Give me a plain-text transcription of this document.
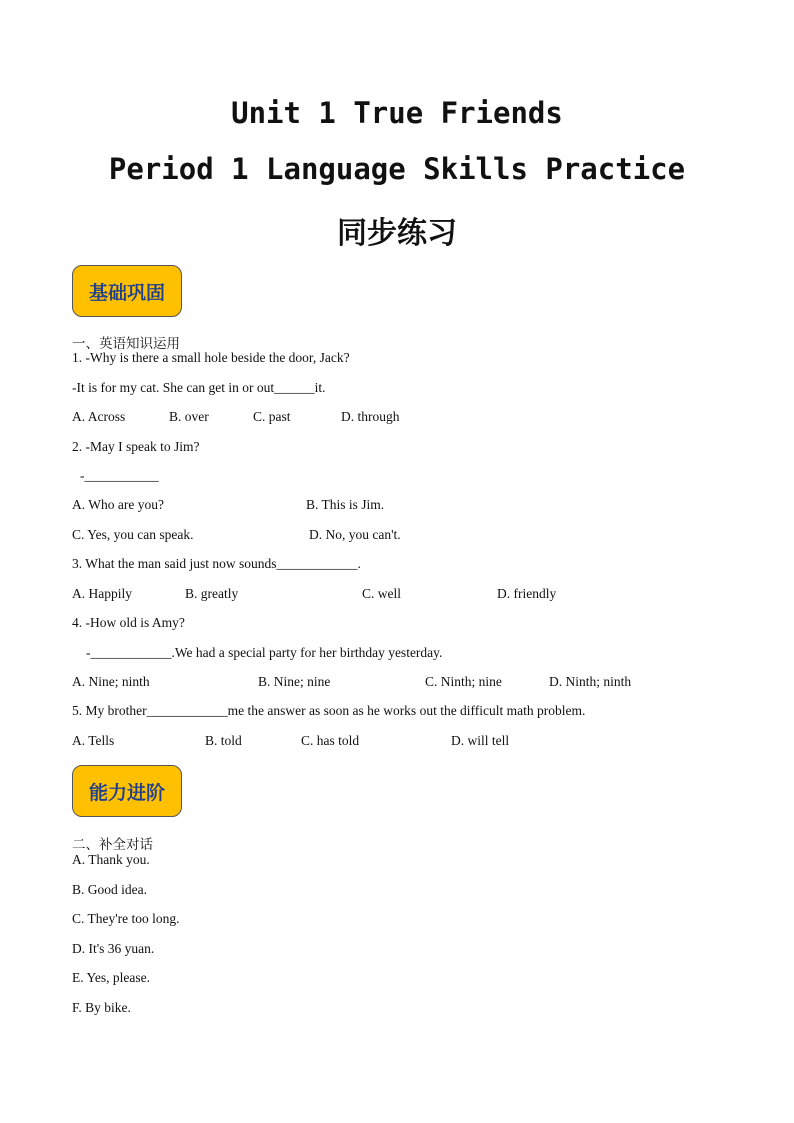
Unit 1 True Friends
Period 1 Language Skills Practice
同步练习
基础巩固
一、英语知识运用
1. -Why is there a small hole beside the door, Jack?
-It is for my cat. She can get in or out______it.
A. Across	B. over	C. past	D. through
2. -May I speak to Jim?
-___________
A. Who are you?	B. This is Jim.
C. Yes, you can speak.	D. No, you can't.
3. What the man said just now sounds____________.
A. Happily	B. greatly	C. well	D. friendly
4. -How old is Amy?
-____________.We had a special party for her birthday yesterday.
A. Nine; ninth	B. Nine; nine	C. Ninth; nine	D. Ninth; ninth
5. My brother____________me the answer as soon as he works out the difficult math problem.
A. Tells	B. told	C. has told	D. will tell
能力进阶
二、补全对话
A. Thank you.
B. Good idea.
C. They're too long.
D. It's 36 yuan.
E. Yes, please.
F. By bike.
